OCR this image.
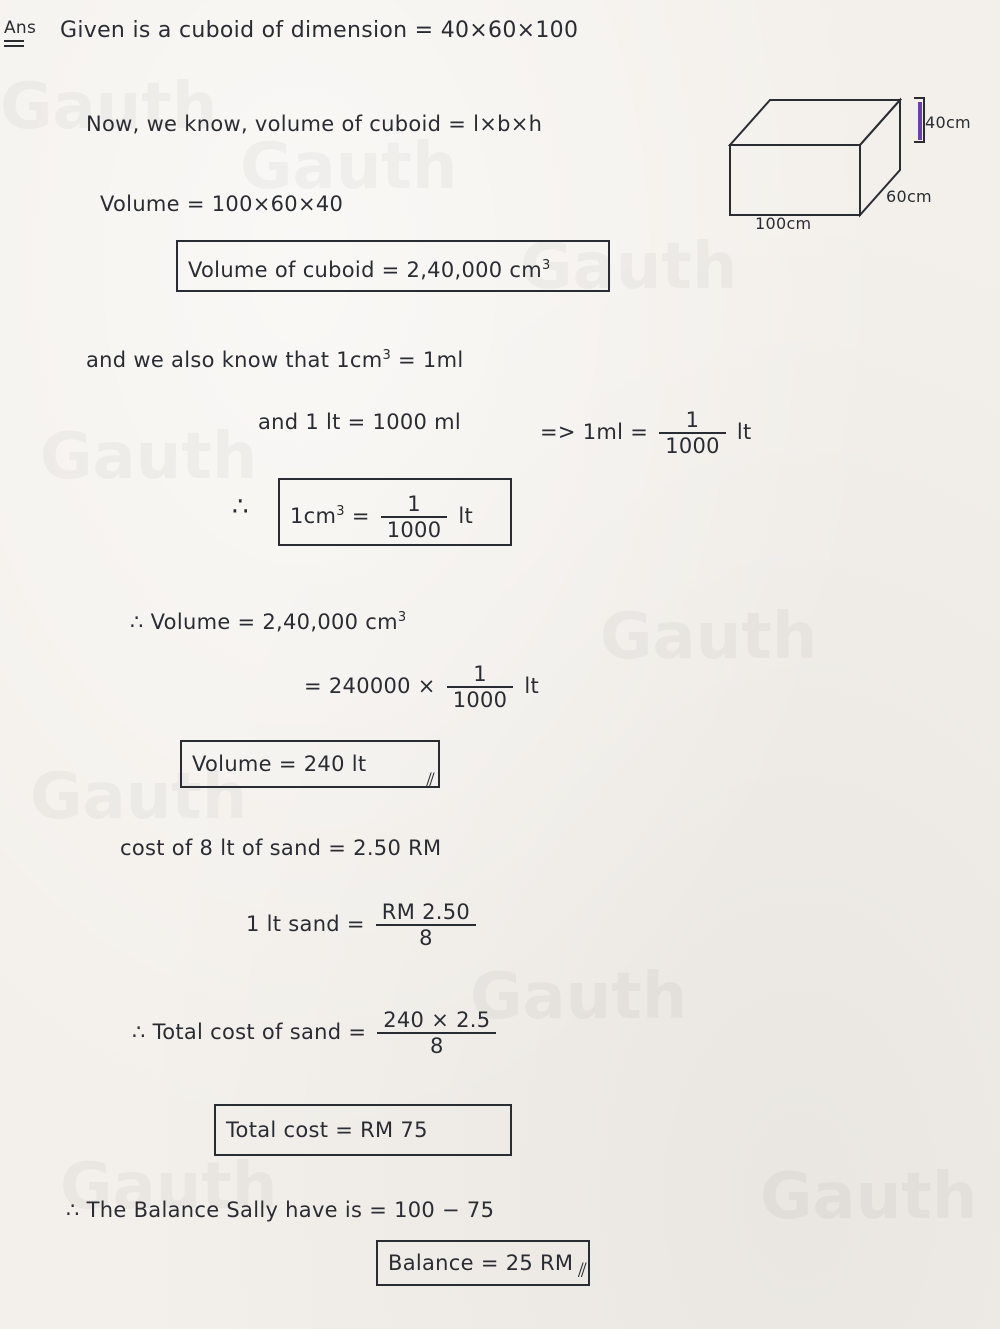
Ans Given is a cuboid of dimension = 40×60×100
Now, we know, volume of cuboid = l×b×h
Volume = 100×60×40
Volume of cuboid = 2,40,000 $cm^3$
40cm
60cm
100cm
and we also know that $1cm^3 = 1ml$
and 1 lt = 1000 ml	=> $1ml = \frac{1}{1000}$ lt
∴	$1cm^3 = \frac{1}{1000}$ lt
∴ Volume = 2,40,000 $cm^3$
= $240000 \times \frac{1}{1000}$ lt
Volume = 240 lt
⫽
cost of 8 lt of sand = 2.50 RM
1 lt sand = $\frac{RM 2.50}{8}$
∴ Total cost of sand = $\frac{240 \times 2.5}{8}$
Total cost = RM 75
∴ The Balance Sally have is = 100 − 75
Balance = 25 RM ⫽
